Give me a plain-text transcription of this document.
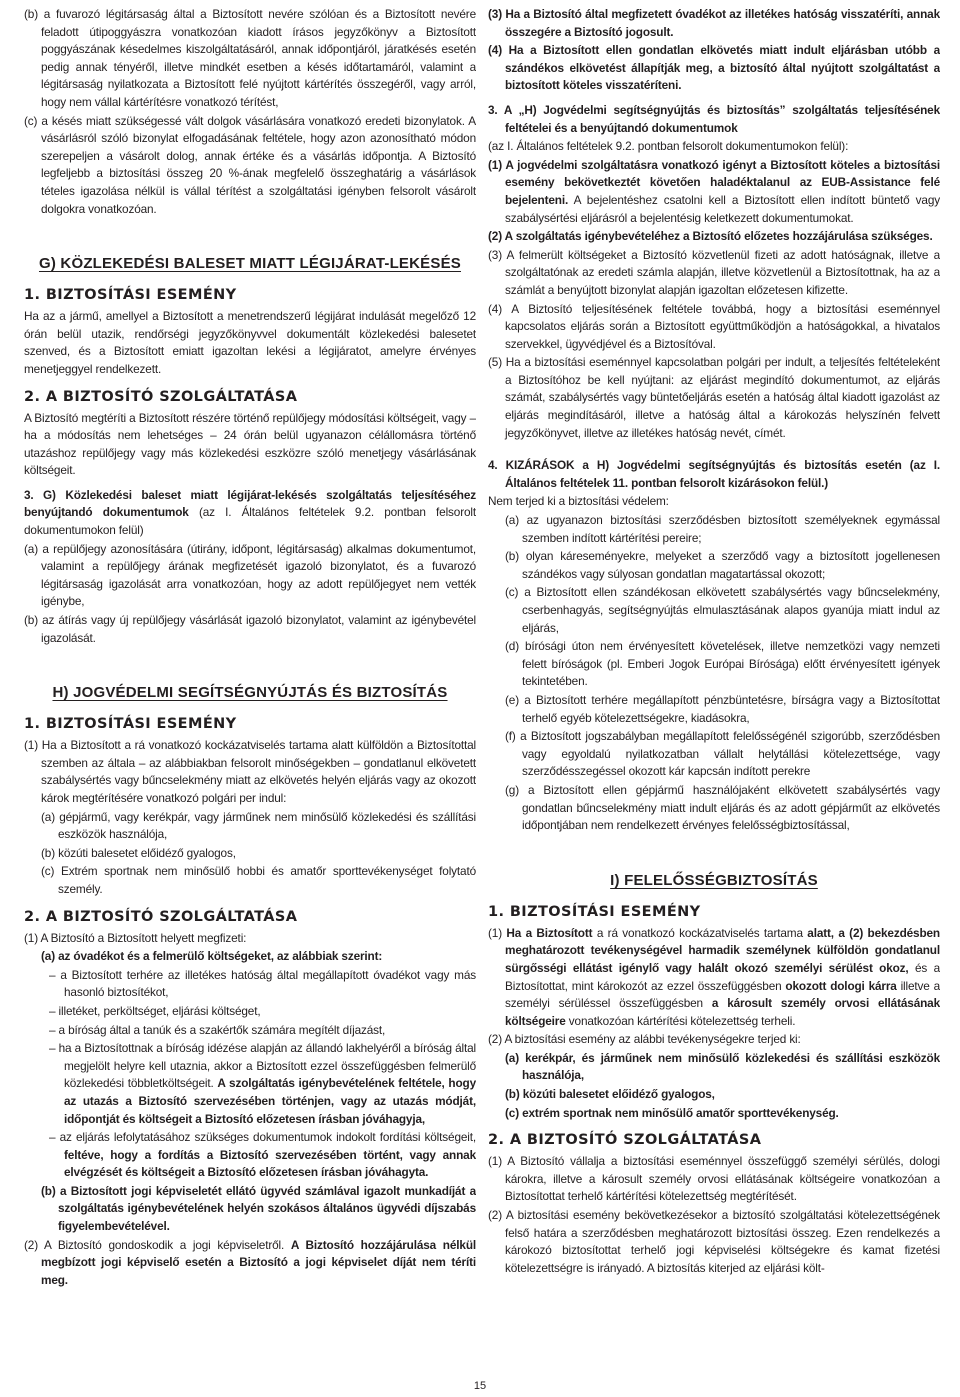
(b) a fuvarozó légitársaság által a Biztosított nevére szólóan és a Biztosított nevére feladott útipoggyászra vonatkozóan kiadott írásos jegyzőkönyv a Biztosított poggyászának késedelmes kiszolgáltatásáról, annak időpontjáról, járatkésés esetén pedig annak tényéről, illetve mindkét esetben a késés időtartamáról, valamint a légitársaság nyilatkozata a Biztosított felé nyújtott kártérítés összegéről, vagy arról, hogy nem vállal kártérítésre vonatkozó térítést,

(c) a késés miatt szükségessé vált dolgok vásárlására vonatkozó eredeti bizonylatok. A vásárlásról szóló bizonylat elfogadásának feltétele, hogy azon azonosítható módon szerepeljen a vásárolt dolog, annak értéke és a vásárlás időpontja. A Biztosító legfeljebb a biztosítási összeg 20 %-ának megfelelő összeghatárig a vásárlások tételes igazolása nélkül is vállal térítést a szolgáltatási igényben felsorolt vásárolt dolgokra vonatkozóan.

G) KÖZLEKEDÉSI BALESET MIATT LÉGIJÁRAT-LEKÉSÉS
1. BIZTOSÍTÁSI ESEMÉNY

Ha az a jármű, amellyel a Biztosított a menetrendszerű légijárat indulását megelőző 12 órán belül utazik, rendőrségi jegyzőkönyvvel dokumentált közlekedési balesetet szenved, és a Biztosított emiatt igazoltan lekési a légijáratot, amelyre érvényes menetjeggyel rendelkezett.

2. A BIZTOSÍTÓ SZOLGÁLTATÁSA

A Biztosító megtéríti a Biztosított részére történő repülőjegy módosítási költségeit, vagy – ha a módosítás nem lehetséges – 24 órán belül ugyanazon célállomásra történő utazáshoz repülőjegy vagy más közlekedési eszközre szóló menetjegy vásárlásának költségeit.

3. G) Közlekedési baleset miatt légijárat-lekésés szolgáltatás teljesítéséhez benyújtandó dokumentumok (az I. Általános feltételek 9.2. pontban felsorolt dokumentumokon felül)

(a) a repülőjegy azonosítására (útirány, időpont, légitársaság) alkalmas dokumentumot, valamint a repülőjegy árának megfizetését igazoló bizonylatot, és a fuvarozó légitársaság igazolását arra vonatkozóan, hogy az adott repülőjegyet nem vették igénybe,

(b) az átírás vagy új repülőjegy vásárlását igazoló bizonylatot, valamint az igénybevétel igazolását.

H) JOGVÉDELMI SEGÍTSÉGNYÚJTÁS ÉS BIZTOSÍTÁS
1. BIZTOSÍTÁSI ESEMÉNY

(1) Ha a Biztosított a rá vonatkozó kockázatviselés tartama alatt külföldön a Biztosítottal szemben az általa – az alábbiakban felsorolt minőségekben – gondatlanul elkövetett szabálysértés vagy bűncselekmény miatt az elkövetés helyén eljárás vagy az okozott károk megtérítésére vonatkozó polgári per indul:

(a) gépjármű, vagy kerékpár, vagy járműnek nem minősülő közlekedési és szállítási eszközök használója,

(b) közúti balesetet előidéző gyalogos,

(c) Extrém sportnak nem minősülő hobbi és amatőr sporttevékenységet folytató személy.

2. A BIZTOSÍTÓ SZOLGÁLTATÁSA

(1) A Biztosító a Biztosított helyett megfizeti:

(a) az óvadékot és a felmerülő költségeket, az alábbiak szerint:

– a Biztosított terhére az illetékes hatóság által megállapított óvadékot vagy más hasonló biztosítékot,

– illetéket, perköltséget, eljárási költséget,

– a bíróság által a tanúk és a szakértők számára megítélt díjazást,

– ha a Biztosítottnak a bíróság idézése alapján az állandó lakhelyéről a bíróság által megjelölt helyre kell utaznia, akkor a Biztosított ezzel összefüggésben felmerülő közlekedési többletköltségeit. A szolgáltatás igénybevételének feltétele, hogy az utazás a Biztosító szervezésében történjen, vagy az utazás módját, időpontját és költségeit a Biztosító előzetesen írásban jóváhagyja,

– az eljárás lefolytatásához szükséges dokumentumok indokolt fordítási költségeit, feltéve, hogy a fordítás a Biztosító szervezésében történt, vagy annak elvégzését és költségeit a Biztosító előzetesen írásban jóváhagyta.

(b) a Biztosított jogi képviseletét ellátó ügyvéd számlával igazolt munkadíját a szolgáltatás igénybevételének helyén szokásos általános ügyvédi díjszabás figyelembevételével.

(2) A Biztosító gondoskodik a jogi képviseletről. A Biztosító hozzájárulása nélkül megbízott jogi képviselő esetén a Biztosító a jogi képviselet díját nem téríti meg.

(3) Ha a Biztosító által megfizetett óvadékot az illetékes hatóság visszatéríti, annak összegére a Biztosító jogosult.

(4) Ha a Biztosított ellen gondatlan elkövetés miatt indult eljárásban utóbb a szándékos elkövetést állapítják meg, a biztosító által nyújtott szolgáltatást a biztosított köteles visszatéríteni.

3. A „H) Jogvédelmi segítségnyújtás és biztosítás” szolgáltatás teljesítésének feltételei és a benyújtandó dokumentumok

(az I. Általános feltételek 9.2. pontban felsorolt dokumentumokon felül):

(1) A jogvédelmi szolgáltatásra vonatkozó igényt a Biztosított köteles a biztosítási esemény bekövetkeztét követően haladéktalanul az EUB-Assistance felé bejelenteni. A bejelentéshez csatolni kell a Biztosított ellen indított büntető vagy szabálysértési eljárásról a bejelentésig keletkezett dokumentumokat.

(2) A szolgáltatás igénybevételéhez a Biztosító előzetes hozzájárulása szükséges.

(3) A felmerült költségeket a Biztosító közvetlenül fizeti az adott hatóságnak, illetve a szolgáltatónak az eredeti számla alapján, illetve közvetlenül a Biztosítottnak, ha az a számlát a benyújtott bizonylat alapján igazoltan előzetesen kifizette.

(4) A Biztosító teljesítésének feltétele továbbá, hogy a biztosítási eseménnyel kapcsolatos eljárás során a Biztosított együttműködjön a hatóságokkal, a hivatalos szervekkel, ügyvédjével és a Biztosítóval.

(5) Ha a biztosítási eseménnyel kapcsolatban polgári per indult, a teljesítés feltételeként a Biztosítóhoz be kell nyújtani: az eljárást megindító dokumentumot, az eljárás számát, szabálysértés vagy büntetőeljárás esetén a hatóság által kiadott igazolást az eljárás megindításáról, illetve a hatóság által a károkozás helyszínén felvett jegyzőkönyvet, illetve az illetékes hatóság nevét, címét.

4. KIZÁRÁSOK a H) Jogvédelmi segítségnyújtás és biztosítás esetén (az I. Általános feltételek 11. pontban felsorolt kizárásokon felül.)

Nem terjed ki a biztosítási védelem:

(a) az ugyanazon biztosítási szerződésben biztosított személyeknek egymással szemben indított kártérítési pereire;

(b) olyan káreseményekre, melyeket a szerződő vagy a biztosított jogellenesen szándékos vagy súlyosan gondatlan magatartással okozott;

(c) a Biztosított ellen szándékosan elkövetett szabálysértés vagy bűncselekmény, cserbenhagyás, segítségnyújtás elmulasztásának alapos gyanúja miatt indul az eljárás,

(d) bírósági úton nem érvényesített követelések, illetve nemzetközi vagy nemzeti felett bíróságok (pl. Emberi Jogok Európai Bírósága) előtt érvényesített igények tekintetében.

(e) a Biztosított terhére megállapított pénzbüntetésre, bírságra vagy a Biztosítottat terhelő egyéb kötelezettségekre, kiadásokra,

(f) a Biztosított jogszabályban megállapított felelősségénél szigorúbb, szerződésben vagy egyoldalú nyilatkozatban vállalt helytállási kötelezettsége, vagy szerződésszegéssel okozott kár kapcsán indított perekre

(g) a Biztosított ellen gépjármű használójaként elkövetett szabálysértés vagy gondatlan bűncselekmény miatt indult eljárás és az adott gépjárműt az elkövetés időpontjában nem rendelkezett érvényes felelősségbiztosítással,

I) FELELŐSSÉGBIZTOSÍTÁS
1. BIZTOSÍTÁSI ESEMÉNY

(1) Ha a Biztosított a rá vonatkozó kockázatviselés tartama alatt, a (2) bekezdésben meghatározott tevékenységével harmadik személynek külföldön gondatlanul sürgősségi ellátást igénylő vagy halált okozó személyi sérülést okoz, és a Biztosítottat, mint károkozót az ezzel összefüggésben okozott dologi kárra illetve a személyi sérüléssel összefüggésben a károsult személy orvosi ellátásának költségeire vonatkozóan kártérítési kötelezettség terheli.

(2) A biztosítási esemény az alábbi tevékenységekre terjed ki:

(a) kerékpár, és járműnek nem minősülő közlekedési és szállítási eszközök használója,

(b) közúti balesetet előidéző gyalogos,

(c) extrém sportnak nem minősülő amatőr sporttevékenység.

2. A BIZTOSÍTÓ SZOLGÁLTATÁSA

(1) A Biztosító vállalja a biztosítási eseménnyel összefüggő személyi sérülés, dologi károkra, illetve a károsult személy orvosi ellátásának költségeire vonatkozóan a Biztosítottat terhelő kártérítési kötelezettség megtérítését.

(2) A biztosítási esemény bekövetkezésekor a biztosító szolgáltatási kötelezettségének felső határa a szerződésben meghatározott biztosítási összeg. Ezen rendelkezés a károkozó biztosítottat terhelő jogi képviselési költségekre és kamat fizetési kötelezettségre is irányadó. A biztosítás kiterjed az eljárási költ-

15
